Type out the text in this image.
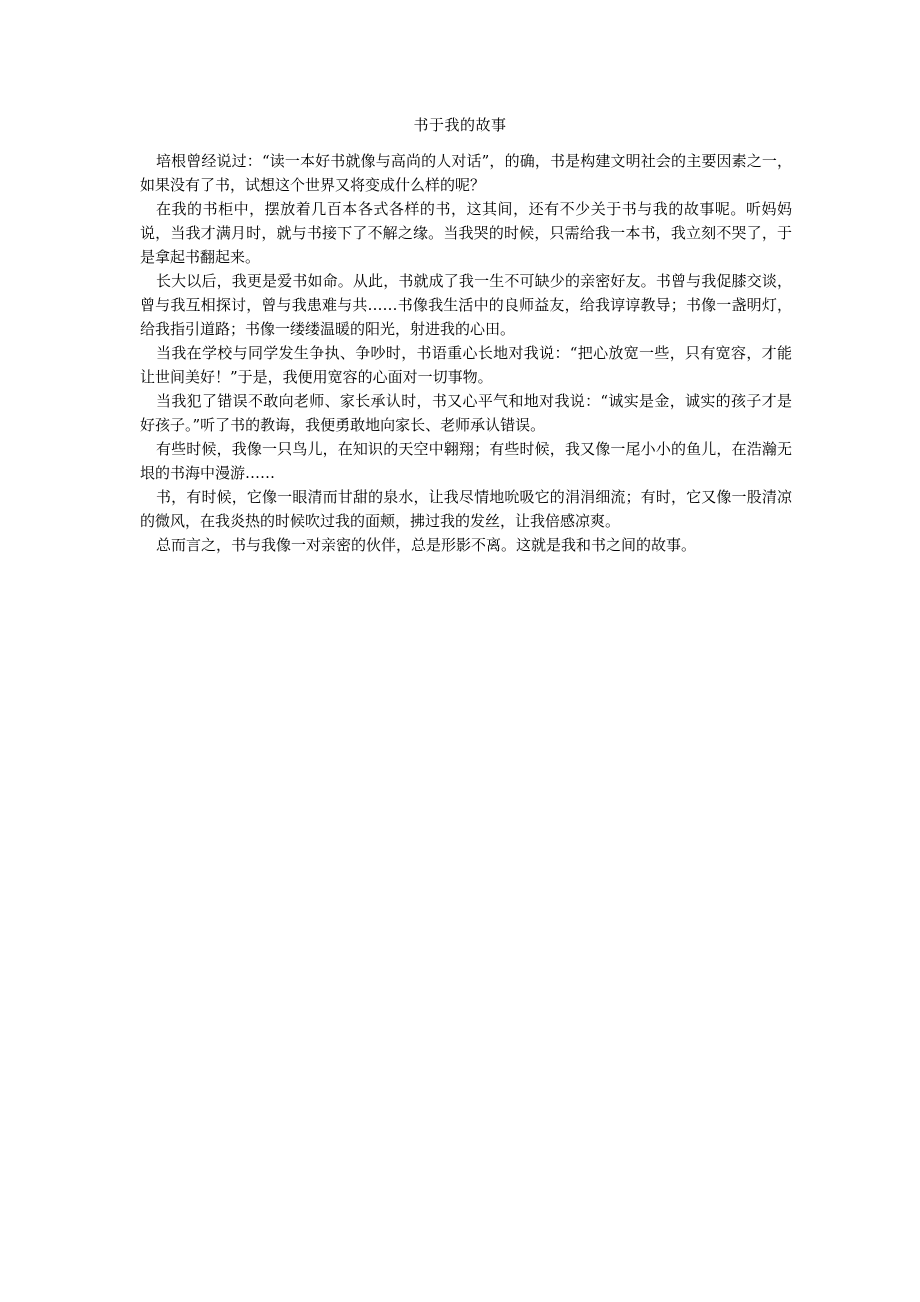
书于我的故事

培根曾经说过：“读一本好书就像与高尚的人对话”，的确，书是构建文明社会的主要因素之一，如果没有了书，试想这个世界又将变成什么样的呢？

在我的书柜中，摆放着几百本各式各样的书，这其间，还有不少关于书与我的故事呢。听妈妈说，当我才满月时，就与书接下了不解之缘。当我哭的时候，只需给我一本书，我立刻不哭了，于是拿起书翻起来。

长大以后，我更是爱书如命。从此，书就成了我一生不可缺少的亲密好友。书曾与我促膝交谈，曾与我互相探讨，曾与我患难与共……书像我生活中的良师益友，给我谆谆教导；书像一盏明灯，给我指引道路；书像一缕缕温暖的阳光，射进我的心田。

当我在学校与同学发生争执、争吵时，书语重心长地对我说：“把心放宽一些，只有宽容，才能让世间美好！”于是，我便用宽容的心面对一切事物。

当我犯了错误不敢向老师、家长承认时，书又心平气和地对我说：“诚实是金，诚实的孩子才是好孩子。”听了书的教诲，我便勇敢地向家长、老师承认错误。

有些时候，我像一只鸟儿，在知识的天空中翱翔；有些时候，我又像一尾小小的鱼儿，在浩瀚无垠的书海中漫游……

书，有时候，它像一眼清而甘甜的泉水，让我尽情地吮吸它的涓涓细流；有时，它又像一股清凉的微风，在我炎热的时候吹过我的面颊，拂过我的发丝，让我倍感凉爽。

总而言之，书与我像一对亲密的伙伴，总是形影不离。这就是我和书之间的故事。
